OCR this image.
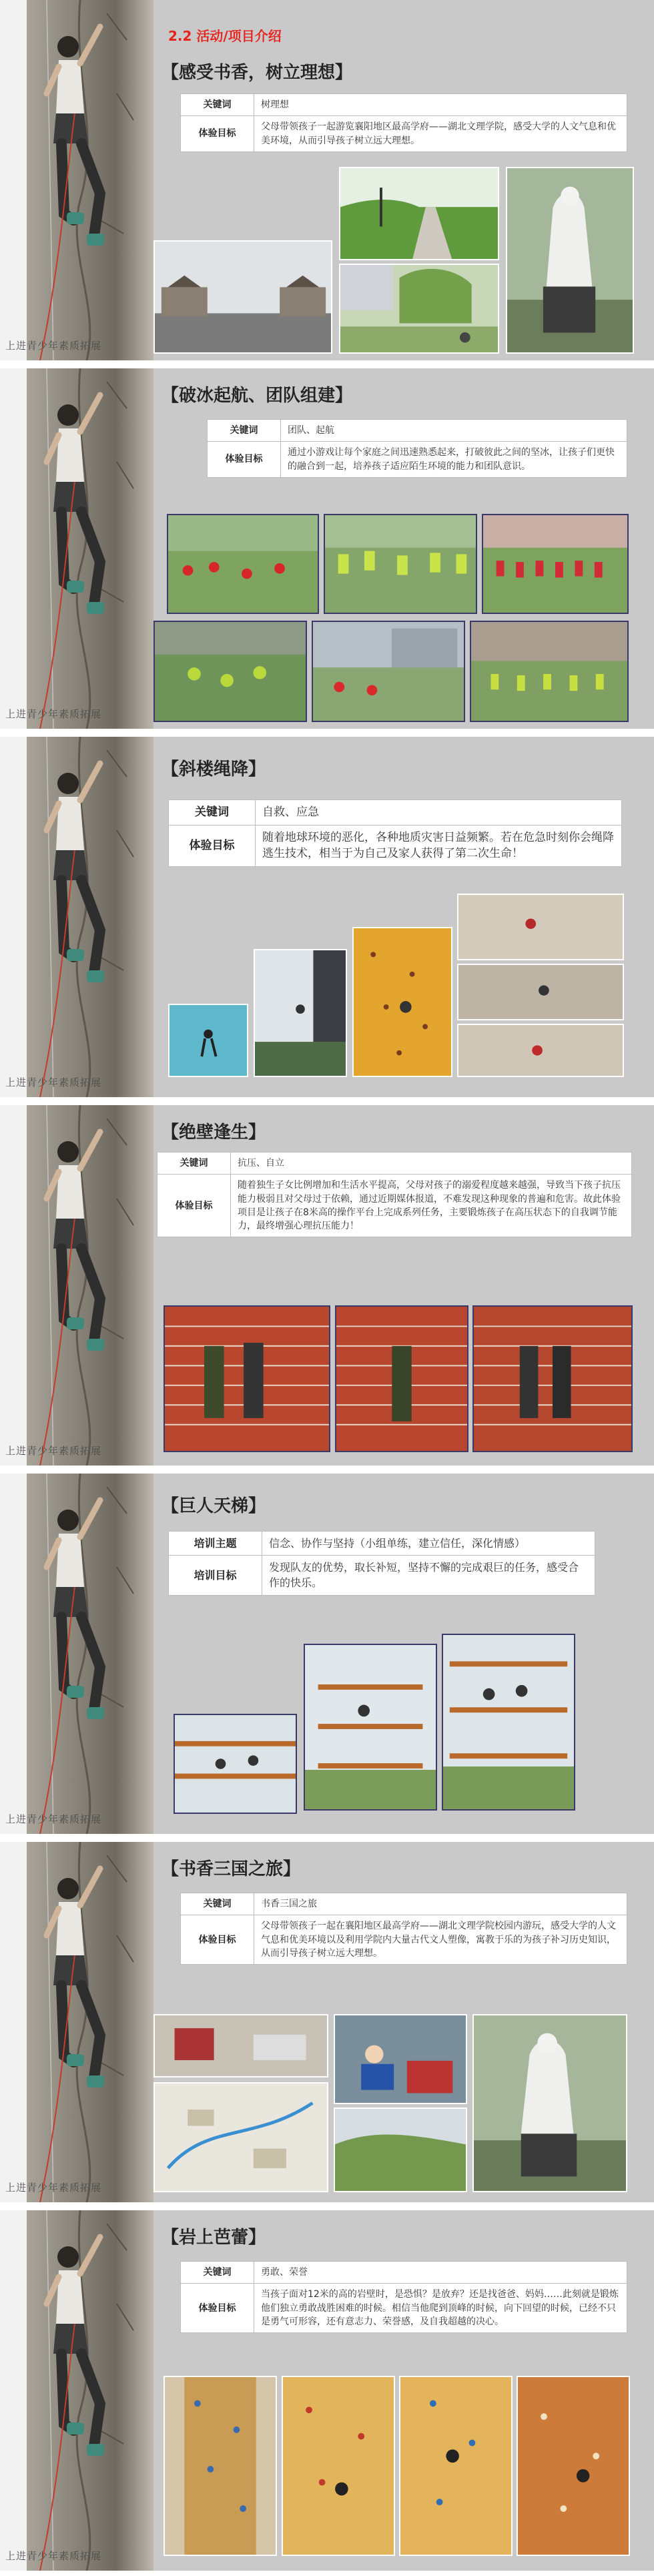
上进青少年素质拓展
2.2 活动/项目介绍
【感受书香，树立理想】
关键词	树理想
体验目标	父母带领孩子一起游览襄阳地区最高学府——湖北文理学院，感受大学的人文气息和优美环境，从而引导孩子树立远大理想。
上进青少年素质拓展
【破冰起航、团队组建】
关键词	团队、起航
体验目标	通过小游戏让每个家庭之间迅速熟悉起来，打破彼此之间的坚冰，让孩子们更快的融合到一起，培养孩子适应陌生环境的能力和团队意识。
上进青少年素质拓展
【斜楼绳降】
关键词	自救、应急
体验目标	随着地球环境的恶化，各种地质灾害日益频繁。若在危急时刻你会绳降逃生技术，相当于为自己及家人获得了第二次生命！
上进青少年素质拓展
【绝壁逢生】
关键词	抗压、自立
体验目标	随着独生子女比例增加和生活水平提高，父母对孩子的溺爱程度越来越强，导致当下孩子抗压能力极弱且对父母过于依赖，通过近期媒体报道，不难发现这种现象的普遍和危害。故此体验项目是让孩子在8米高的操作平台上完成系列任务，主要锻炼孩子在高压状态下的自我调节能力，最终增强心理抗压能力！
上进青少年素质拓展
【巨人天梯】
培训主题	信念、协作与坚持（小组单练，建立信任，深化情感）
培训目标	发现队友的优势，取长补短，坚持不懈的完成艰巨的任务，感受合作的快乐。
上进青少年素质拓展
【书香三国之旅】
关键词	书香三国之旅
体验目标	父母带领孩子一起在襄阳地区最高学府——湖北文理学院校园内游玩，感受大学的人文气息和优美环境以及利用学院内大量古代文人塑像，寓教于乐的为孩子补习历史知识，从而引导孩子树立远大理想。
上进青少年素质拓展
【岩上芭蕾】
关键词	勇敢、荣誉
体验目标	当孩子面对12米的高的岩壁时，是恐惧？是放弃？还是找爸爸、妈妈……此刻就是锻炼他们独立勇敢战胜困难的时候。相信当他爬到顶峰的时候，向下回望的时候，已经不只是勇气可形容，还有意志力、荣誉感，及自我超越的决心。
